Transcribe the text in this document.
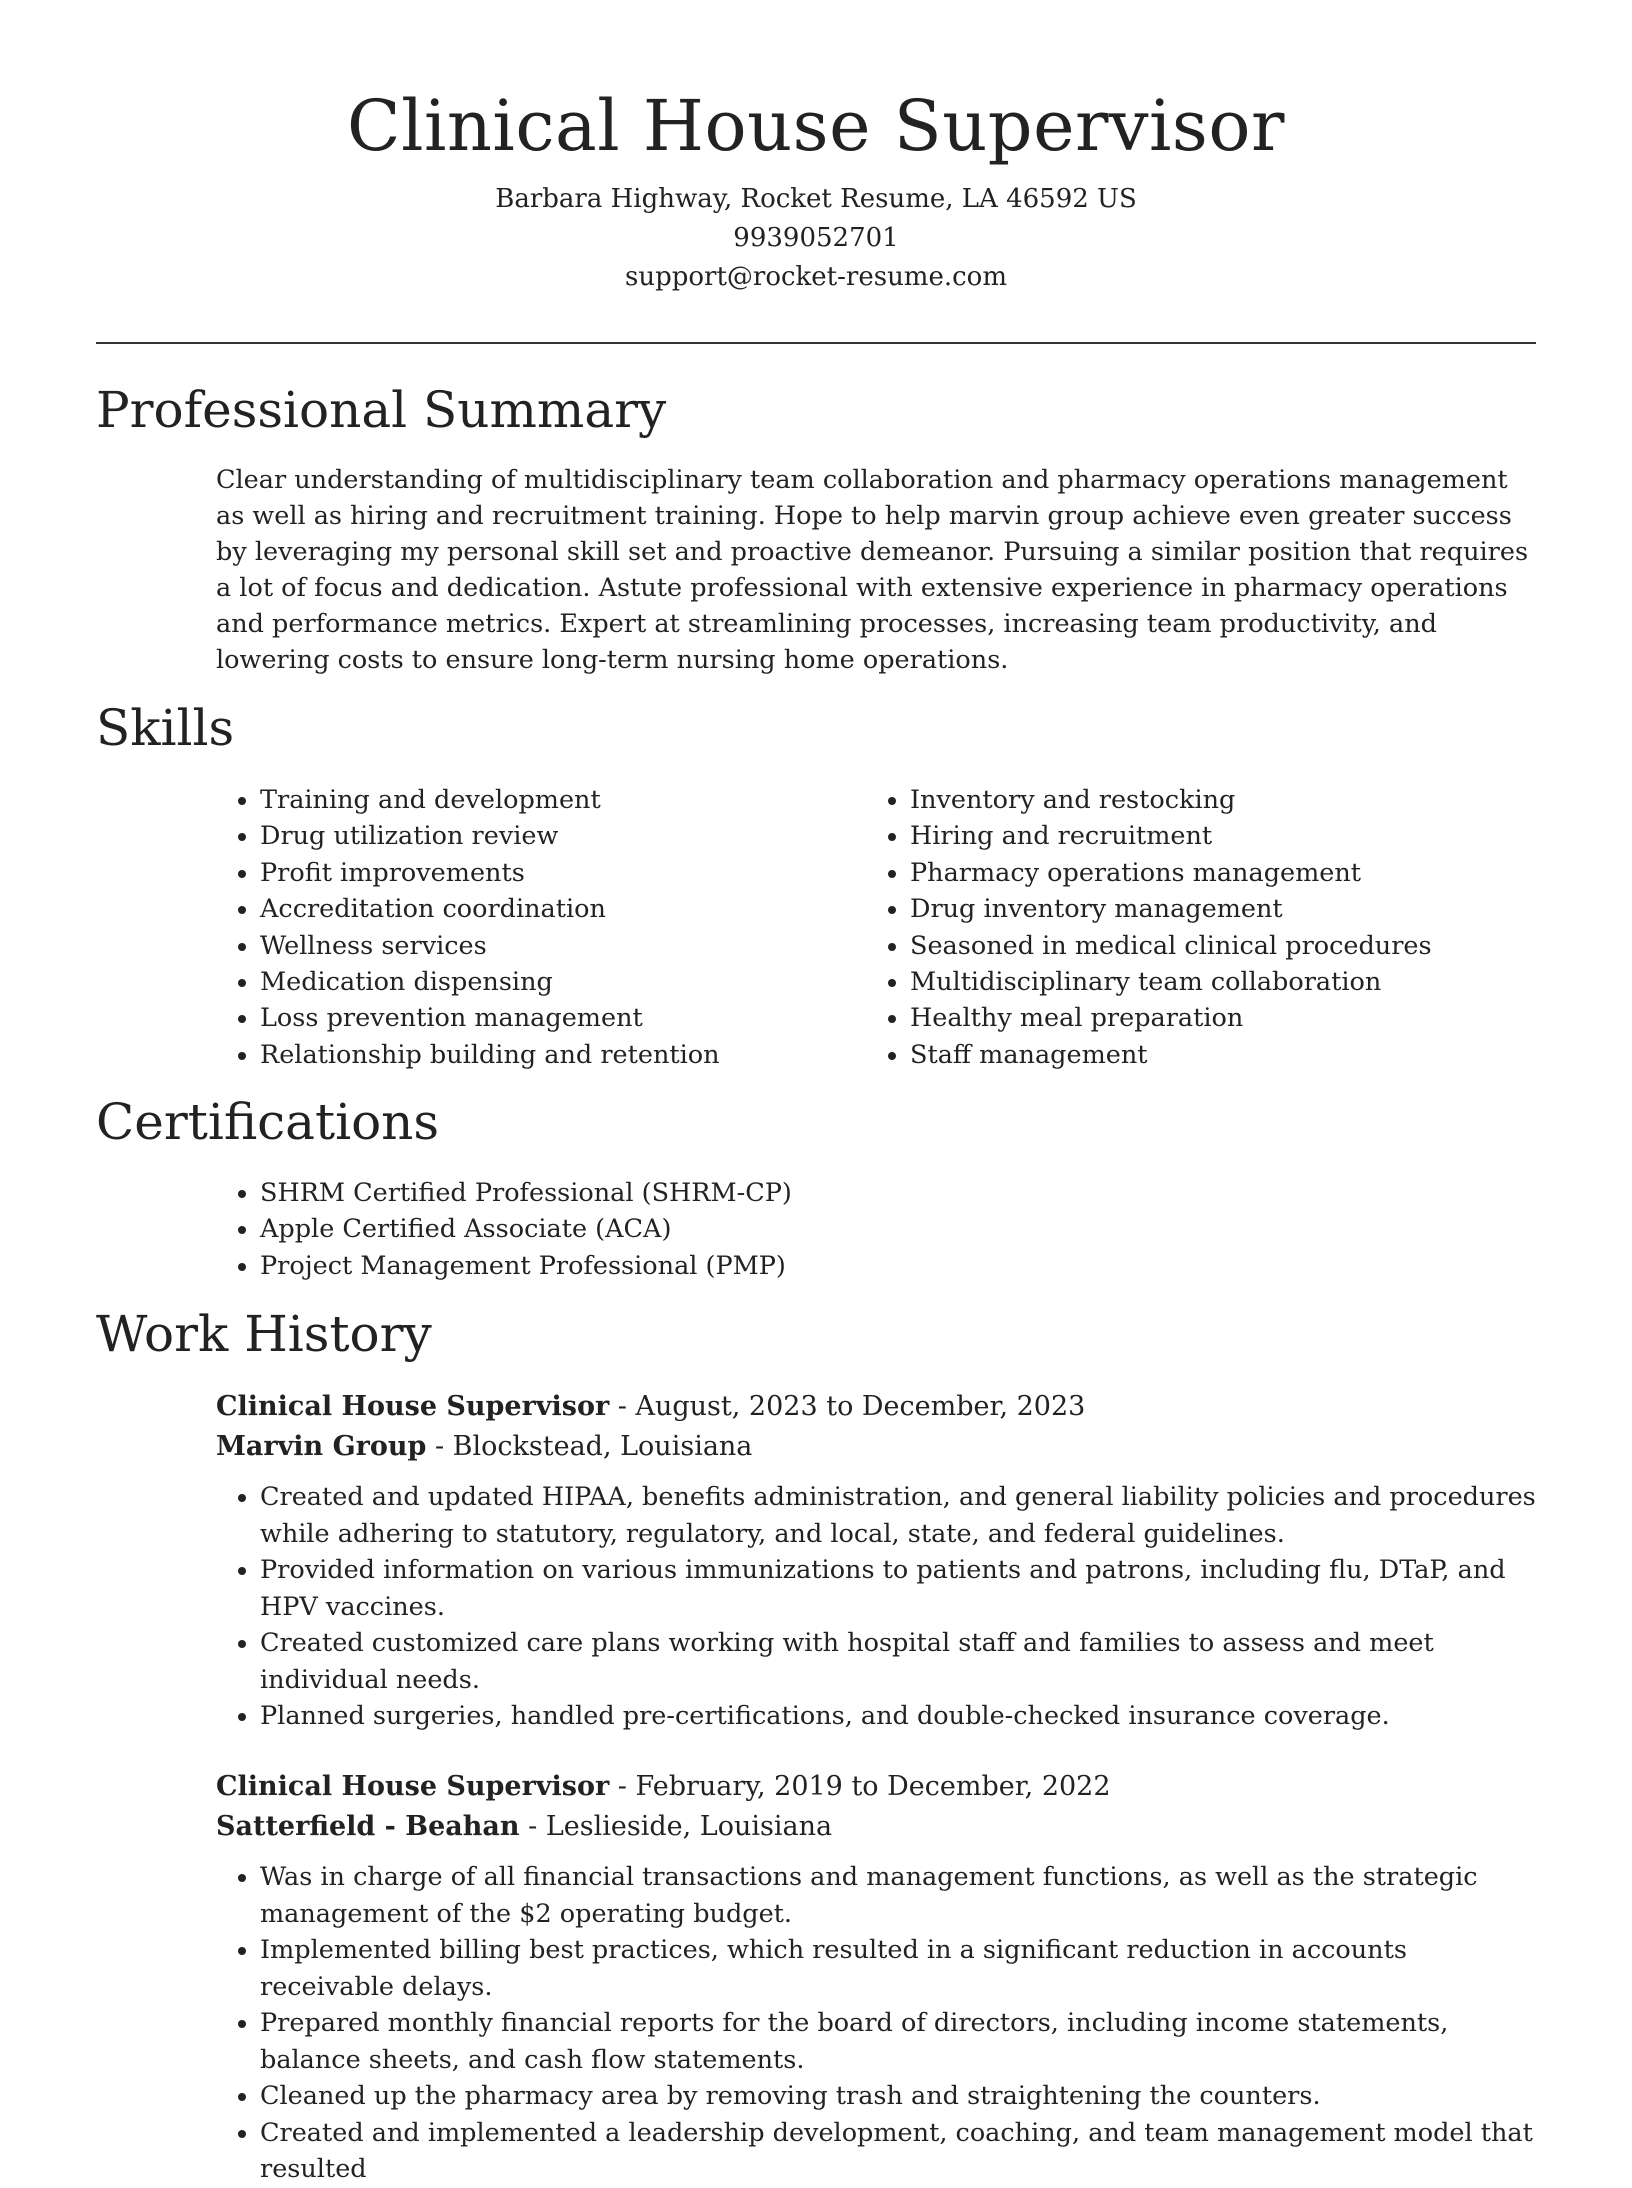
Clinical House Supervisor
Barbara Highway, Rocket Resume, LA 46592 US
9939052701
support@rocket-resume.com
Professional Summary

Clear understanding of multidisciplinary team collaboration and pharmacy operations management as well as hiring and recruitment training. Hope to help marvin group achieve even greater success by leveraging my personal skill set and proactive demeanor. Pursuing a similar position that requires a lot of focus and dedication. Astute professional with extensive experience in pharmacy operations and performance metrics. Expert at streamlining processes, increasing team productivity, and lowering costs to ensure long-term nursing home operations.

Skills
• Training and development
• Drug utilization review
• Profit improvements
• Accreditation coordination
• Wellness services
• Medication dispensing
• Loss prevention management
• Relationship building and retention
• Inventory and restocking
• Hiring and recruitment
• Pharmacy operations management
• Drug inventory management
• Seasoned in medical clinical procedures
• Multidisciplinary team collaboration
• Healthy meal preparation
• Staff management
Certifications
• SHRM Certified Professional (SHRM-CP)
• Apple Certified Associate (ACA)
• Project Management Professional (PMP)
Work History

Clinical House Supervisor - August, 2023 to December, 2023

Marvin Group - Blockstead, Louisiana

• Created and updated HIPAA, benefits administration, and general liability policies and procedures while adhering to statutory, regulatory, and local, state, and federal guidelines.
• Provided information on various immunizations to patients and patrons, including flu, DTaP, and HPV vaccines.
• Created customized care plans working with hospital staff and families to assess and meet individual needs.
• Planned surgeries, handled pre-certifications, and double-checked insurance coverage.

Clinical House Supervisor - February, 2019 to December, 2022

Satterfield - Beahan - Leslieside, Louisiana

• Was in charge of all financial transactions and management functions, as well as the strategic management of the $2 operating budget.
• Implemented billing best practices, which resulted in a significant reduction in accounts receivable delays.
• Prepared monthly financial reports for the board of directors, including income statements, balance sheets, and cash flow statements.
• Cleaned up the pharmacy area by removing trash and straightening the counters.
• Created and implemented a leadership development, coaching, and team management model that resulted
